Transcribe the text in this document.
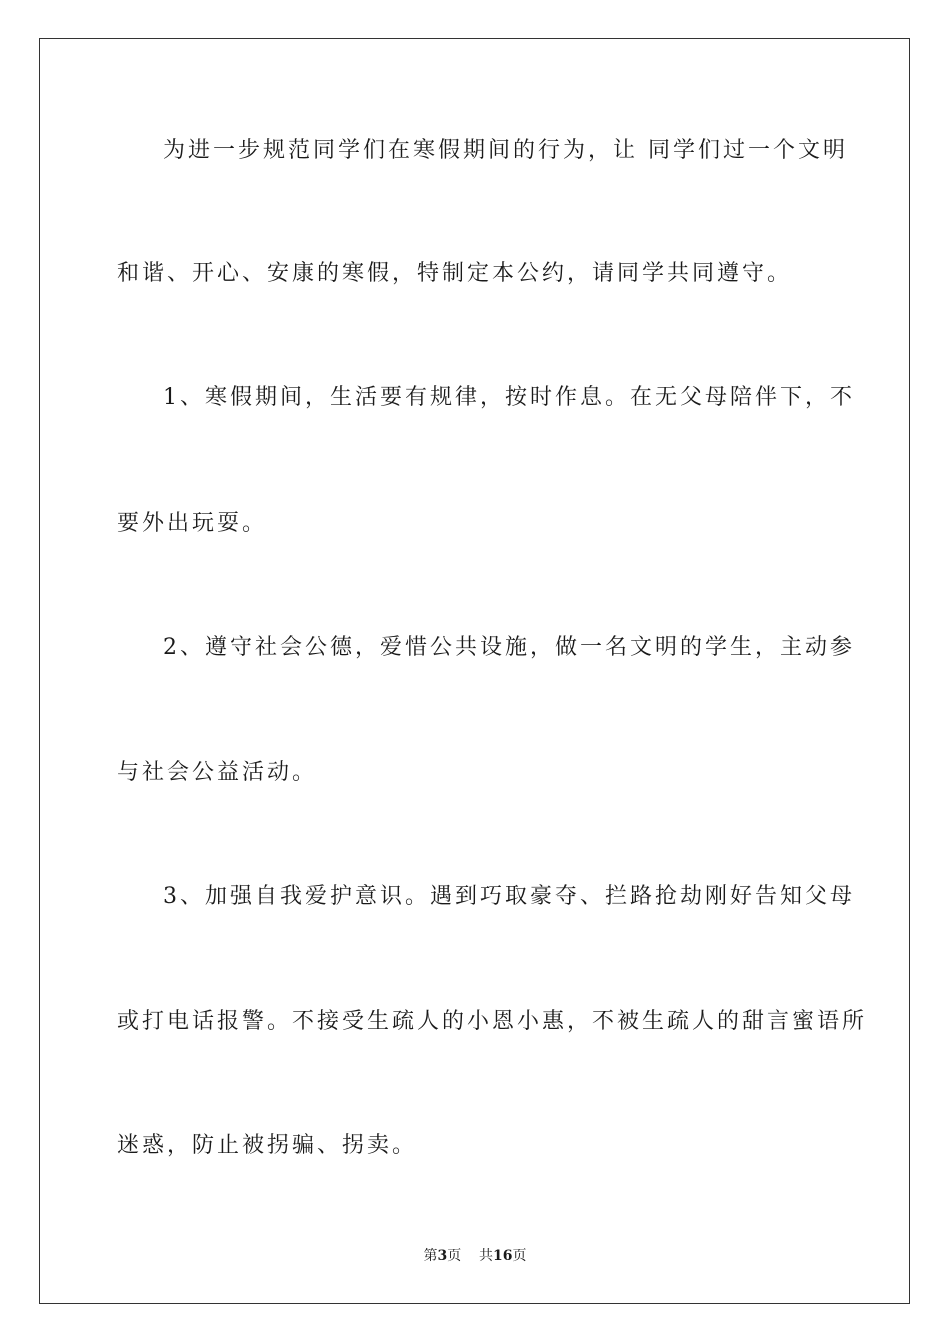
为进一步规范同学们在寒假期间的行为，让 同学们过一个文明
和谐、开心、安康的寒假，特制定本公约，请同学共同遵守。
1、寒假期间，生活要有规律，按时作息。在无父母陪伴下，不
要外出玩耍。
2、遵守社会公德，爱惜公共设施，做一名文明的学生，主动参
与社会公益活动。
3、加强自我爱护意识。遇到巧取豪夺、拦路抢劫刚好告知父母
或打电话报警。不接受生疏人的小恩小惠，不被生疏人的甜言蜜语所
迷惑，防止被拐骗、拐卖。
第3页 共16页
